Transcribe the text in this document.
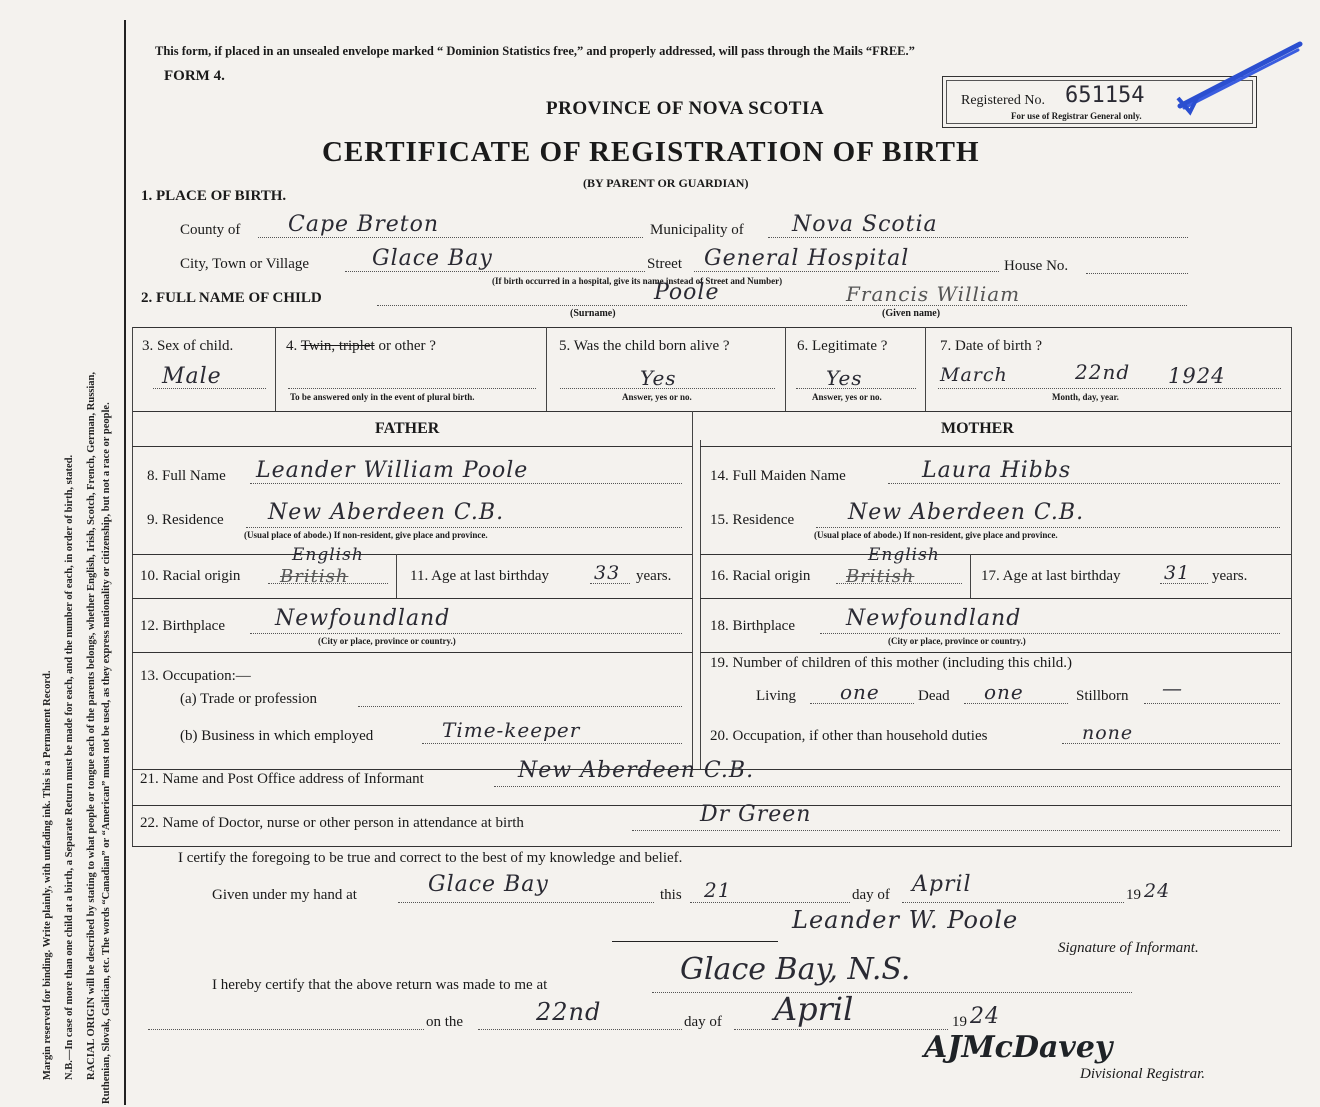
Margin reserved for binding. Write plainly, with unfading ink. This is a Permanent Record. N.B.—In case of more than one child at a birth, a Separate Return must be made for each, and the number of each, in order of birth, stated. RACIAL ORIGIN will be described by stating to what people or tongue each of the parents belongs, whether English, Irish, Scotch, French, German, Russian, Ruthenian, Slovak, Galician, etc. The words “Canadian” or “American” must not be used, as they express nationality or citizenship, but not a race or people.
This form, if placed in an unsealed envelope marked “ Dominion Statistics free,” and properly addressed, will pass through the Mails “FREE.”
FORM 4.
PROVINCE OF NOVA SCOTIA
CERTIFICATE OF REGISTRATION OF BIRTH
(BY PARENT OR GUARDIAN)
Registered No. 651154
For use of Registrar General only.
1. PLACE OF BIRTH.
County of Cape Breton	Municipality of Nova Scotia
City, Town or Village	Glace Bay	Street General Hospital	House No.
(If birth occurred in a hospital, give its name instead of Street and Number)
2. FULL NAME OF CHILD	Poole	Francis William
(Surname)	(Given name)
3. Sex of child.
Male
4. Twin, triplet or other ?
To be answered only in the event of plural birth.
5. Was the child born alive ?
Yes
Answer, yes or no.
6. Legitimate ?
Yes
Answer, yes or no.
7. Date of birth ?
March	22nd 1924
Month, day, year.
FATHER	MOTHER
8. Full Name Leander William Poole
9. Residence New Aberdeen C.B.
(Usual place of abode.) If non-resident, give place and province.
10. Racial origin British
English
11. Age at last birthday 33 years.
12. Birthplace Newfoundland
(City or place, province or country.)
13. Occupation:—
(a) Trade or profession
(b) Business in which employed	Time-keeper
14. Full Maiden Name	Laura Hibbs
15. Residence New Aberdeen C.B.
(Usual place of abode.) If non-resident, give place and province.
16. Racial origin British
English
17. Age at last birthday 31 years.
18. Birthplace Newfoundland
(City or place, province or country.)
19. Number of children of this mother (including this child.)
Living one	Dead one	Stillborn —
20. Occupation, if other than household duties	none
21. Name and Post Office address of Informant	New Aberdeen C.B.
22. Name of Doctor, nurse or other person in attendance at birth	Dr Green
I certify the foregoing to be true and correct to the best of my knowledge and belief.
Given under my hand at	Glace Bay	this 21	day of April	19 24
Leander W. Poole
Signature of Informant.
I hereby certify that the above return was made to me at	Glace Bay, N.S.
on the	22nd	day of April	19 24
AJMcDavey
Divisional Registrar.
